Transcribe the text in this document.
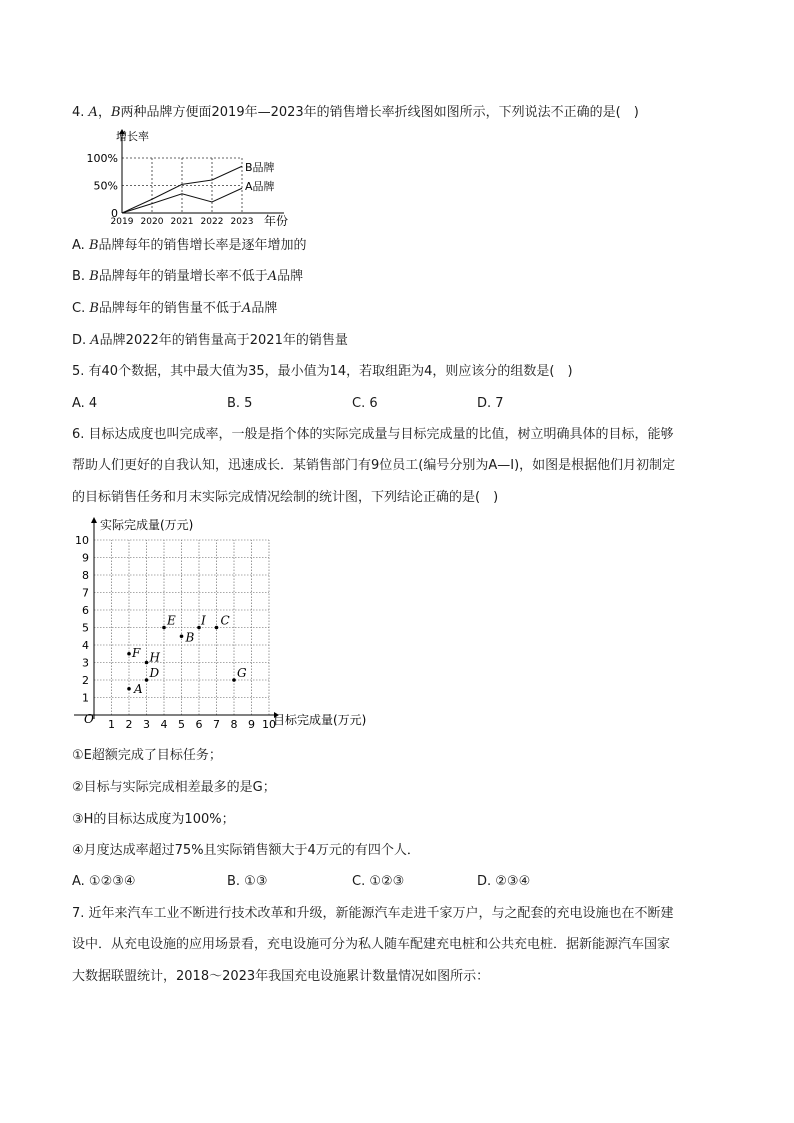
4. A，B两种品牌方便面2019年—2023年的销售增长率折线图如图所示，下列说法不正确的是(　)
增长率
年份
0
50%
100%
2019 2020 2021 2022 2023
B品牌
A品牌
A. B品牌每年的销售增长率是逐年增加的
B. B品牌每年的销量增长率不低于A品牌
C. B品牌每年的销售量不低于A品牌
D. A品牌2022年的销售量高于2021年的销售量
5. 有40个数据，其中最大值为35，最小值为14，若取组距为4，则应该分的组数是(　)
A. 4	B. 5	C. 6	D. 7
6. 目标达成度也叫完成率，一般是指个体的实际完成量与目标完成量的比值，树立明确具体的目标，能够
帮助人们更好的自我认知，迅速成长．某销售部门有9位员工(编号分别为A—I)，如图是根据他们月初制定
的目标销售任务和月末实际完成情况绘制的统计图，下列结论正确的是(　)
1
1
2
2
3
3
4
4
5
5
6
6
7
7
8
8
9
9
10
10
A
B
C
D
E
F
G
H
I
实际完成量(万元)
目标完成量(万元)
O
①E超额完成了目标任务；
②目标与实际完成相差最多的是G；
③H的目标达成度为100%；
④月度达成率超过75%且实际销售额大于4万元的有四个人．
A. ①②③④	B. ①③	C. ①②③	D. ②③④
7. 近年来汽车工业不断进行技术改革和升级，新能源汽车走进千家万户，与之配套的充电设施也在不断建
设中．从充电设施的应用场景看，充电设施可分为私人随车配建充电桩和公共充电桩．据新能源汽车国家
大数据联盟统计，2018～2023年我国充电设施累计数量情况如图所示：
